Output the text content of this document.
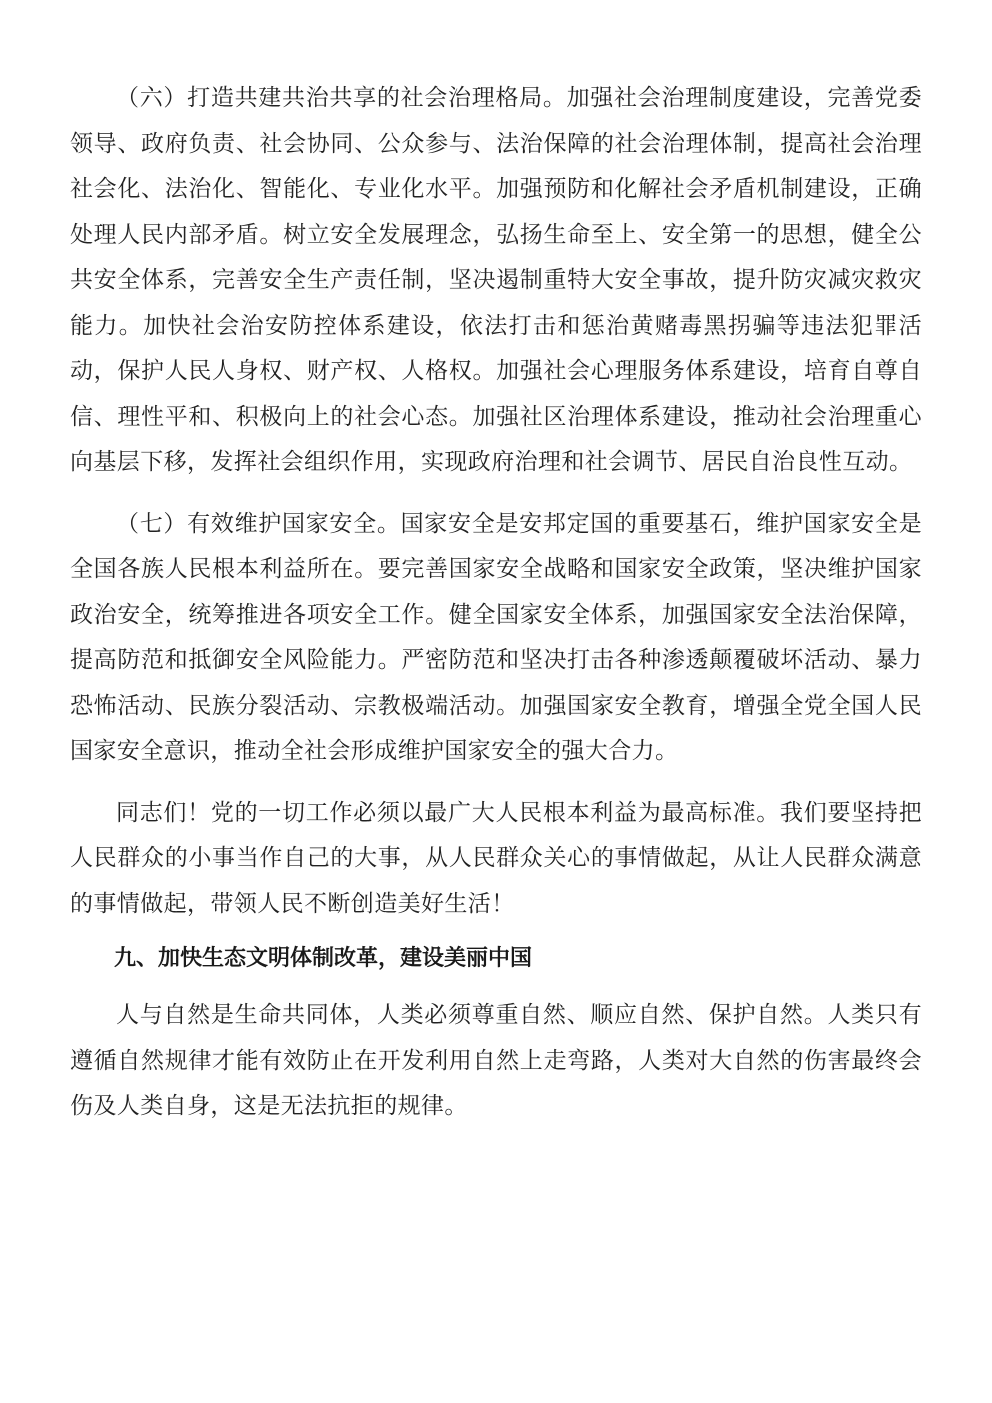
（六）打造共建共治共享的社会治理格局。加强社会治理制度建设，完善党委领导、政府负责、社会协同、公众参与、法治保障的社会治理体制，提高社会治理社会化、法治化、智能化、专业化水平。加强预防和化解社会矛盾机制建设，正确处理人民内部矛盾。树立安全发展理念，弘扬生命至上、安全第一的思想，健全公共安全体系，完善安全生产责任制，坚决遏制重特大安全事故，提升防灾减灾救灾能力。加快社会治安防控体系建设，依法打击和惩治黄赌毒黑拐骗等违法犯罪活动，保护人民人身权、财产权、人格权。加强社会心理服务体系建设，培育自尊自信、理性平和、积极向上的社会心态。加强社区治理体系建设，推动社会治理重心向基层下移，发挥社会组织作用，实现政府治理和社会调节、居民自治良性互动。

（七）有效维护国家安全。国家安全是安邦定国的重要基石，维护国家安全是全国各族人民根本利益所在。要完善国家安全战略和国家安全政策，坚决维护国家政治安全，统筹推进各项安全工作。健全国家安全体系，加强国家安全法治保障，提高防范和抵御安全风险能力。严密防范和坚决打击各种渗透颠覆破坏活动、暴力恐怖活动、民族分裂活动、宗教极端活动。加强国家安全教育，增强全党全国人民国家安全意识，推动全社会形成维护国家安全的强大合力。

同志们！党的一切工作必须以最广大人民根本利益为最高标准。我们要坚持把人民群众的小事当作自己的大事，从人民群众关心的事情做起，从让人民群众满意的事情做起，带领人民不断创造美好生活！

九、加快生态文明体制改革，建设美丽中国

人与自然是生命共同体，人类必须尊重自然、顺应自然、保护自然。人类只有遵循自然规律才能有效防止在开发利用自然上走弯路，人类对大自然的伤害最终会伤及人类自身，这是无法抗拒的规律。
